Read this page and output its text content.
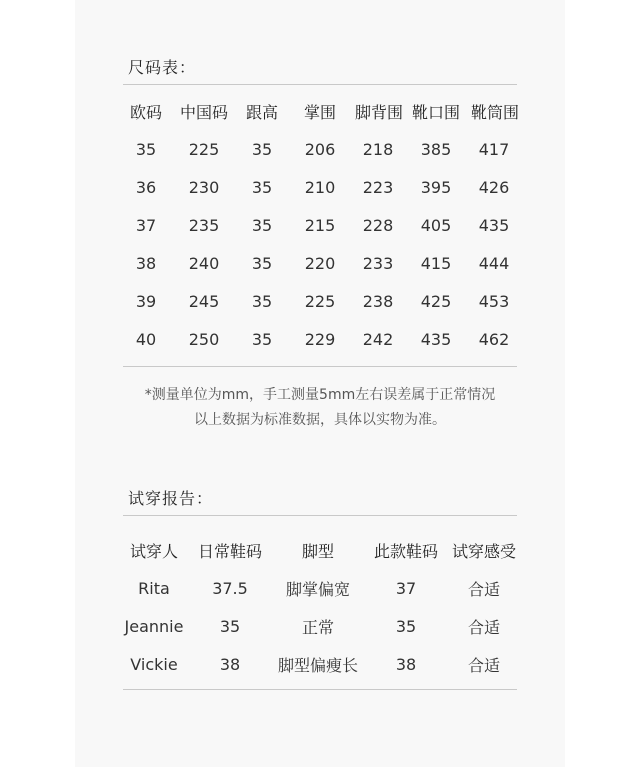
尺码表：
欧码	中国码	跟高	掌围	脚背围	靴口围	靴筒围
35	225	35	206	218	385	417
36	230	35	210	223	395	426
37	235	35	215	228	405	435
38	240	35	220	233	415	444
39	245	35	225	238	425	453
40	250	35	229	242	435	462
*测量单位为mm，手工测量5mm左右误差属于正常情况
以上数据为标准数据，具体以实物为准。
试穿报告：
试穿人	日常鞋码	脚型	此款鞋码	试穿感受
Rita	37.5	脚掌偏宽	37	合适
Jeannie	35	正常	35	合适
Vickie	38	脚型偏瘦长	38	合适
